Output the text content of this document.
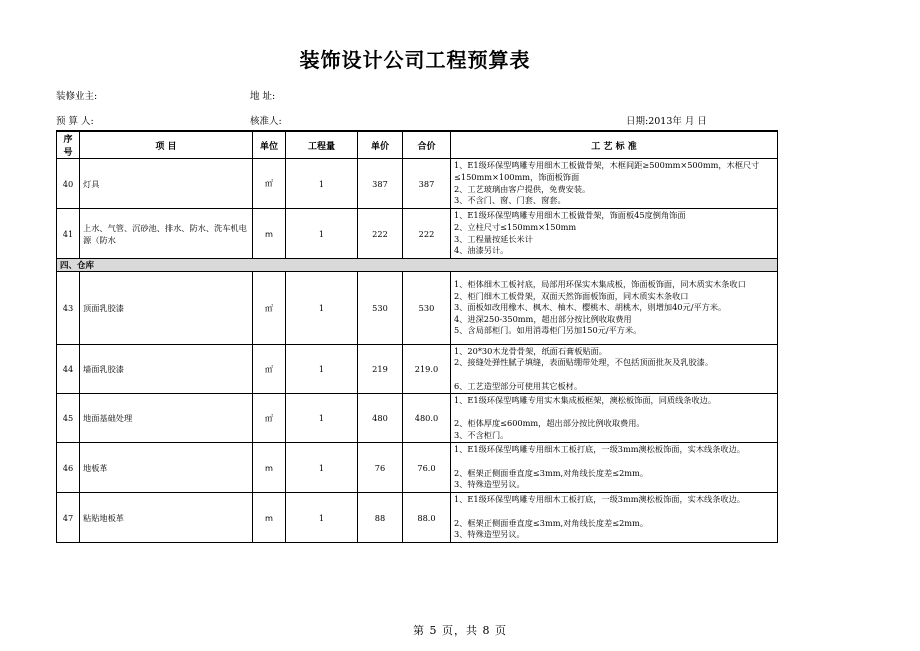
装饰设计公司工程预算表
装修业主:	地 址:
预 算 人:	核准人:	日期:2013年 月 日
序号	项 目	单位	工程量	单价	合价	工 艺 标 准
40	灯具	㎡	1	387	387	1、E1级环保型鸣雕专用细木工板做骨架，木框间距≥500mm×500mm，木框尺寸≤150mm×100mm，饰面板饰面
2、工艺玻璃由客户提供，免费安装。
3、不含门、窗、门套、窗套。

41	上水、气管、沉砂池、排水、防水、洗车机电源（防水	m	1	222	222	1、E1级环保型鸣雕专用细木工板做骨架，饰面板45度倒角饰面
2、立柱尺寸≤150mm×150mm
3、工程量按延长米计
4、油漆另计。

四、仓库						
43	顶面乳胶漆	㎡	1	530	530	1、柜体细木工板衬底，局部用环保实木集成板，饰面板饰面，同木质实木条收口
2、柜门细木工板骨架，双面天然饰面板饰面，同木质实木条收口
3、面板如改用橡木、枫木、柚木、樱桃木、胡桃木，则增加40元/平方米。
4、进深250-350mm，超出部分按比例收取费用
5、含局部柜门。如用消毒柜门另加150元/平方米。

44	墙面乳胶漆	㎡	1	219	219.0	1、20*30木龙骨骨架，纸面石膏板贴面。
2、接缝处弹性腻子填缝，表面贴绷带处理，不包括顶面批灰及乳胶漆。
6、工艺造型部分可使用其它板材。

45	地面基础处理	㎡	1	480	480.0	1、E1级环保型鸣雕专用实木集成板框架，澳松板饰面，同质线条收边。
2、柜体厚度≤600mm，超出部分按比例收取费用。
3、不含柜门。

46	地板革	m	1	76	76.0	1、E1级环保型鸣雕专用细木工板打底，一级3mm澳松板饰面，实木线条收边。
2、框架正侧面垂直度≤3mm,对角线长度差≤2mm。
3、特殊造型另议。

47	粘贴地板革	m	1	88	88.0	1、E1级环保型鸣雕专用细木工板打底，一级3mm澳松板饰面，实木线条收边。
2、框架正侧面垂直度≤3mm,对角线长度差≤2mm。
3、特殊造型另议。
第 5 页，共 8 页
